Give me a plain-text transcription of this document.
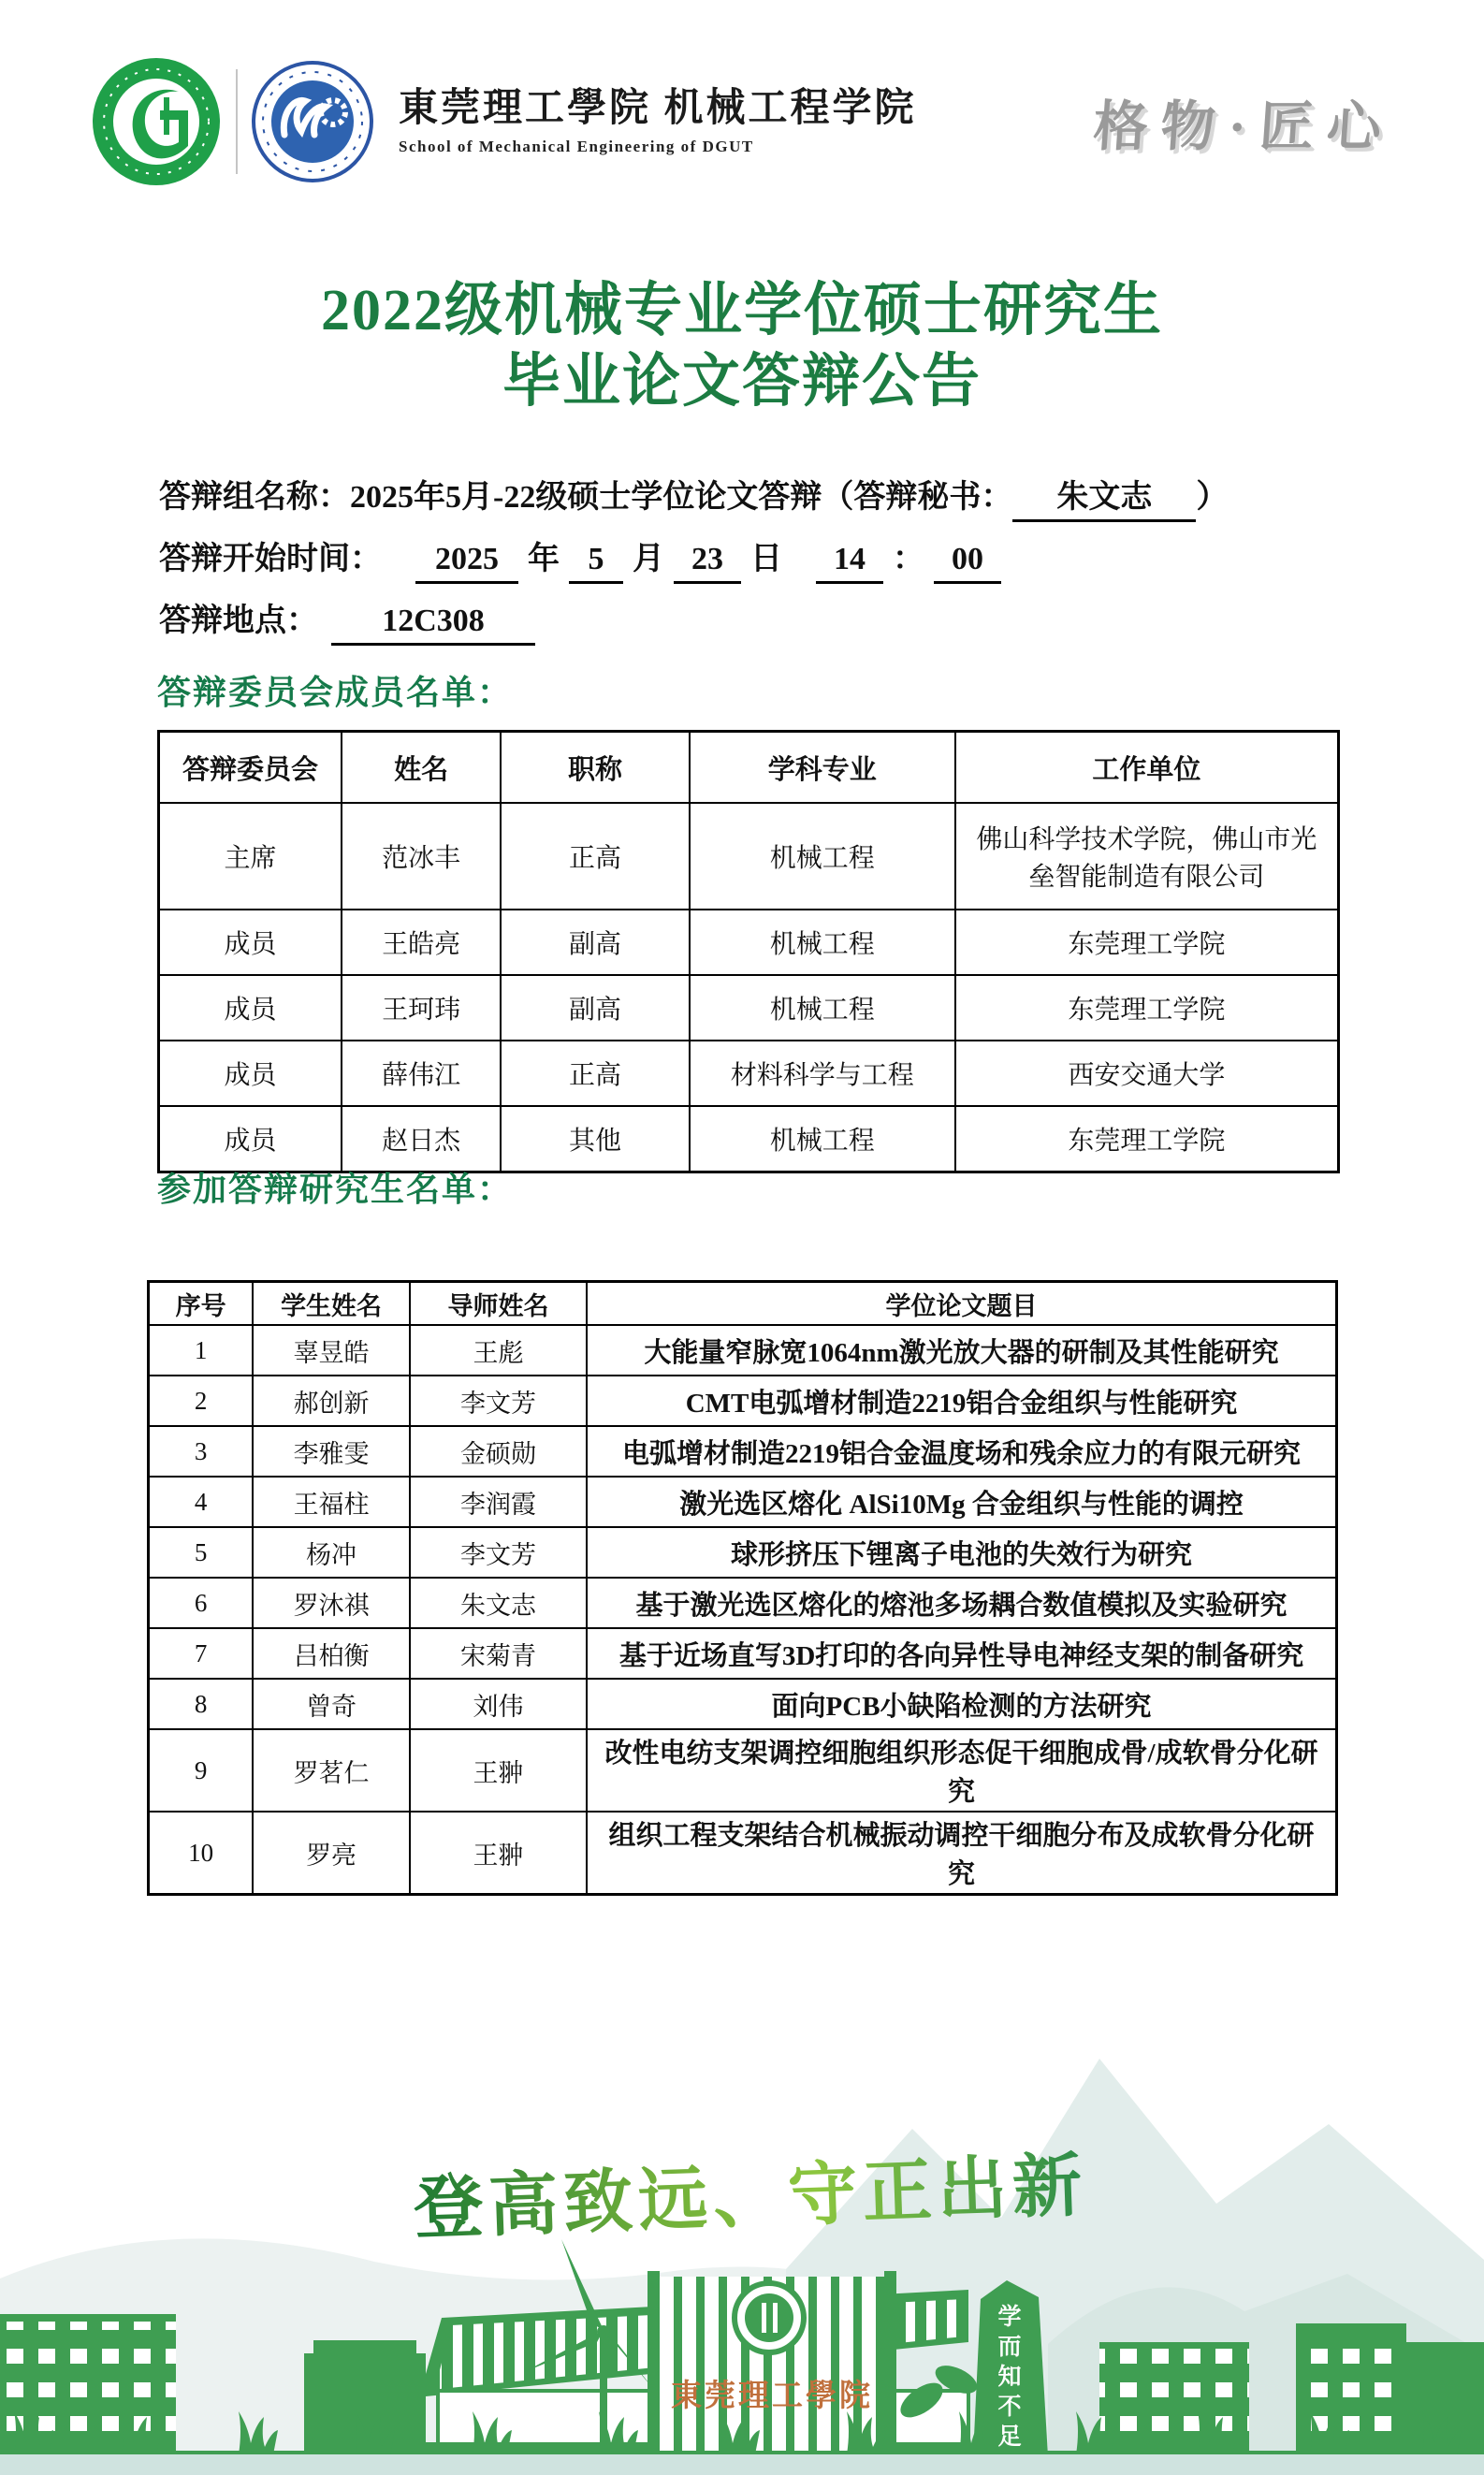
東莞理工學院 机械工程学院
School of Mechanical Engineering of DGUT	格物·匠心
2022级机械专业学位硕士研究生
毕业论文答辩公告
答辩组名称：2025年5月-22级硕士学位论文答辩（答辩秘书： 朱文志 ）
答辩开始时间： 2025 年 5 月 23 日 14 ： 00
答辩地点： 12C308
答辩委员会成员名单：
答辩委员会	姓名	职称	学科专业	工作单位
主席	范冰丰	正高	机械工程	佛山科学技术学院，佛山市光垒智能制造有限公司
成员	王皓亮	副高	机械工程	东莞理工学院
成员	王珂玮	副高	机械工程	东莞理工学院
成员	薛伟江	正高	材料科学与工程	西安交通大学
成员	赵日杰	其他	机械工程	东莞理工学院
参加答辩研究生名单：
序号	学生姓名	导师姓名	学位论文题目
1	辜昱皓	王彪	大能量窄脉宽1064nm激光放大器的研制及其性能研究
2	郝创新	李文芳	CMT电弧增材制造2219铝合金组织与性能研究
3	李雅雯	金硕勋	电弧增材制造2219铝合金温度场和残余应力的有限元研究
4	王福柱	李润霞	激光选区熔化 AlSi10Mg 合金组织与性能的调控
5	杨冲	李文芳	球形挤压下锂离子电池的失效行为研究
6	罗沐祺	朱文志	基于激光选区熔化的熔池多场耦合数值模拟及实验研究
7	吕柏衡	宋菊青	基于近场直写3D打印的各向异性导电神经支架的制备研究
8	曾奇	刘伟	面向PCB小缺陷检测的方法研究
9	罗茗仁	王翀	改性电纺支架调控细胞组织形态促干细胞成骨/成软骨分化研究
10	罗亮	王翀	组织工程支架结合机械振动调控干细胞分布及成软骨分化研究
登高致远、守正出新
東莞理工學院	学而知不足
